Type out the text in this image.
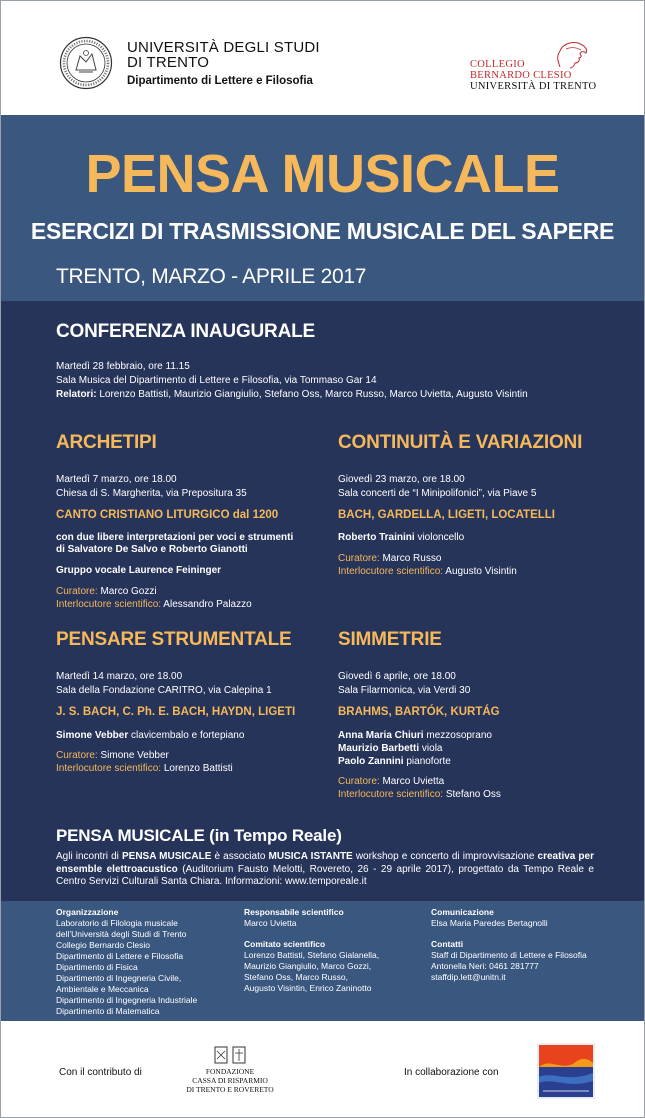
UNIVERSITÀ DEGLI STUDI
DI TRENTO
Dipartimento di Lettere e Filosofia
COLLEGIO
BERNARDO CLESIO
UNIVERSITÀ DI TRENTO
PENSA MUSICALE
ESERCIZI DI TRASMISSIONE MUSICALE DEL SAPERE
TRENTO, MARZO - APRILE 2017
CONFERENZA INAUGURALE
Martedì 28 febbraio, ore 11.15
Sala Musica del Dipartimento di Lettere e Filosofia, via Tommaso Gar 14
Relatori: Lorenzo Battisti, Maurizio Giangiulio, Stefano Oss, Marco Russo, Marco Uvietta, Augusto Visintin
ARCHETIPI
Martedì 7 marzo, ore 18.00
Chiesa di S. Margherita, via Prepositura 35
CANTO CRISTIANO LITURGICO dal 1200
con due libere interpretazioni per voci e strumenti
di Salvatore De Salvo e Roberto Gianotti
Gruppo vocale Laurence Feininger
Curatore: Marco Gozzi
Interlocutore scientifico: Alessandro Palazzo
CONTINUITÀ E VARIAZIONI
Giovedì 23 marzo, ore 18.00
Sala concerti de “I Minipolifonici”, via Piave 5
BACH, GARDELLA, LIGETI, LOCATELLI
Roberto Trainini violoncello
Curatore: Marco Russo
Interlocutore scientifico: Augusto Visintin
PENSARE STRUMENTALE
Martedì 14 marzo, ore 18.00
Sala della Fondazione CARITRO, via Calepina 1
J. S. BACH, C. Ph. E. BACH, HAYDN, LIGETI
Simone Vebber clavicembalo e fortepiano
Curatore: Simone Vebber
Interlocutore scientifico: Lorenzo Battisti
SIMMETRIE
Giovedì 6 aprile, ore 18.00
Sala Filarmonica, via Verdi 30
BRAHMS, BARTÓK, KURTÁG
Anna Maria Chiuri mezzosoprano
Maurizio Barbetti viola
Paolo Zannini pianoforte
Curatore: Marco Uvietta
Interlocutore scientifico: Stefano Oss
PENSA MUSICALE (in Tempo Reale)
Agli incontri di PENSA MUSICALE è associato MUSICA ISTANTE workshop e concerto di improvvisazione creativa per ensemble elettroacustico (Auditorium Fausto Melotti, Rovereto, 26 - 29 aprile 2017), progettato da Tempo Reale e Centro Servizi Culturali Santa Chiara. Informazioni: www.temporeale.it
Organizzazione
Laboratorio di Filologia musicale
dell’Università degli Studi di Trento
Collegio Bernardo Clesio
Dipartimento di Lettere e Filosofia
Dipartimento di Fisica
Dipartimento di Ingegneria Civile,
Ambientale e Meccanica
Dipartimento di Ingegneria Industriale
Dipartimento di Matematica
Responsabile scientifico
Marco Uvietta
Comitato scientifico
Lorenzo Battisti, Stefano Gialanella,
Maurizio Giangiulio, Marco Gozzi,
Stefano Oss, Marco Russo,
Augusto Visintin, Enrico Zaninotto
Comunicazione
Elsa Maria Paredes Bertagnolli
Contatti
Staff di Dipartimento di Lettere e Filosofia
Antonella Neri: 0461 281777
staffdip.lett@unitn.it
Con il contributo di	FONDAZIONE
CASSA DI RISPARMIO
DI TRENTO E ROVERETO
In collaborazione con
